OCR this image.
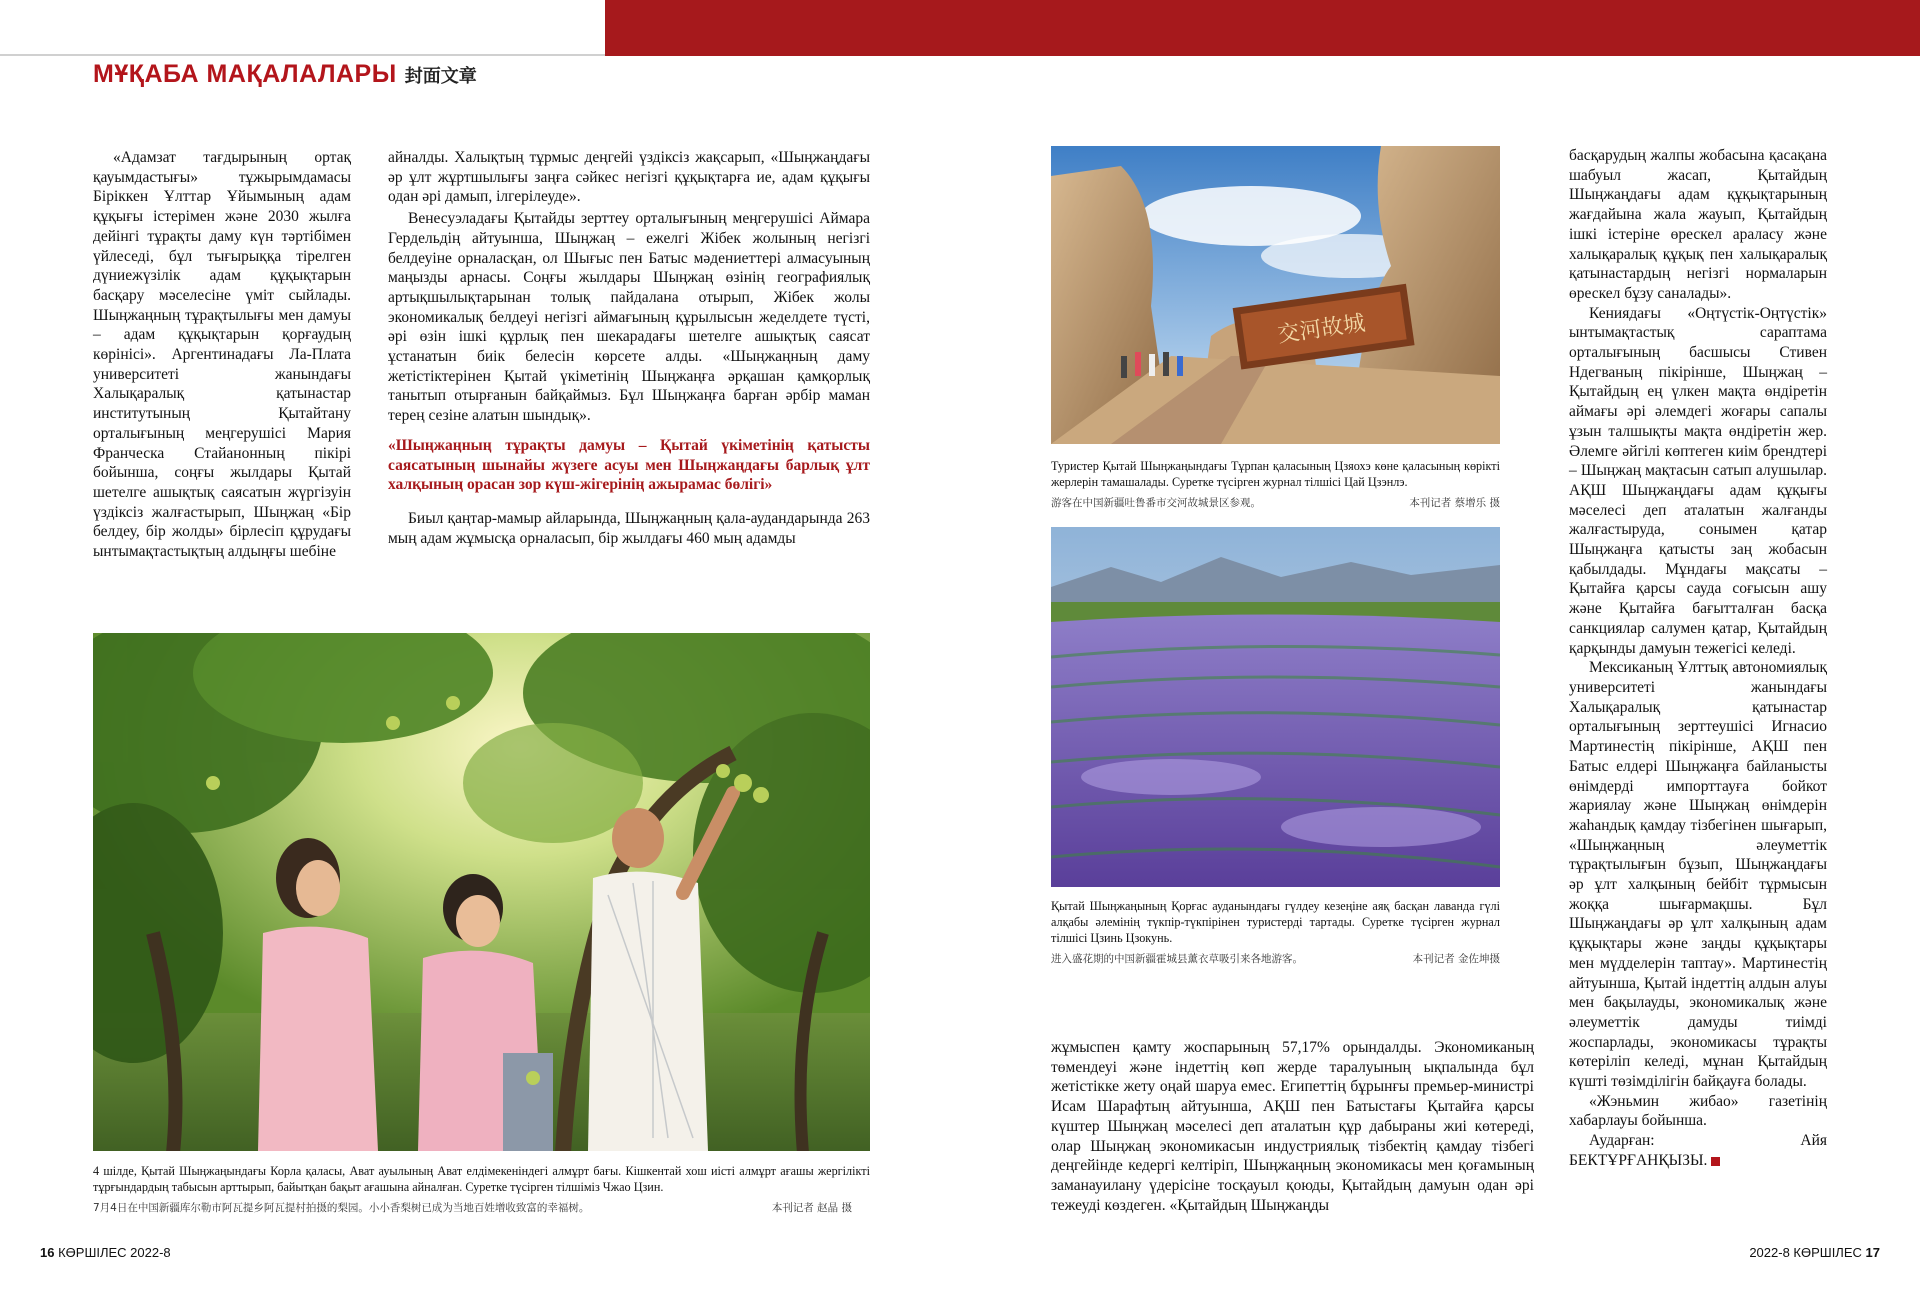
МҰҚАБА МАҚАЛАЛАРЫ 封面文章

«Адамзат тағдырының ортақ қауымдастығы» тұжырымдамасы Біріккен Ұлттар Ұйымының адам құқығы істерімен және 2030 жылға дейінгі тұрақты даму күн тәртібімен үйлеседі, бұл тығырыққа тірелген дүниежүзілік адам құқықтарын басқару мәселесіне үміт сыйлады. Шыңжаңның тұрақтылығы мен дамуы – адам құқықтарын қорғаудың көрінісі». Аргентинадағы Ла-Плата университеті жанындағы Халықаралық қатынастар институтының Қытайтану орталығының меңгерушісі Мария Франческа Стайанонның пікірі бойынша, соңғы жылдары Қытай шетелге ашықтық саясатын жүргізуін үздіксіз жалғастырып, Шыңжаң «Бір белдеу, бір жолды» бірлесіп құрудағы ынтымақтастықтың алдыңғы шебіне

айналды. Халықтың тұрмыс деңгейі үздіксіз жақсарып, «Шыңжаңдағы әр ұлт жұртшылығы заңға сәйкес негізгі құқықтарға ие, адам құқығы одан әрі дамып, ілгерілеуде».

Венесуэладағы Қытайды зерттеу орталығының меңгерушісі Аймара Гердельдің айтуынша, Шыңжаң – ежелгі Жібек жолының негізгі белдеуіне орналасқан, ол Шығыс пен Батыс мәдениеттері алмасуының маңызды арнасы. Соңғы жылдары Шыңжаң өзінің географиялық артықшылықтарынан толық пайдалана отырып, Жібек жолы экономикалық белдеуі негізгі аймағының құрылысын жеделдете түсті, әрі өзін ішкі құрлық пен шекарадағы шетелге ашықтық саясат ұстанатын биік белесін көрсете алды. «Шыңжаңның даму жетістіктерінен Қытай үкіметінің Шыңжаңға әрқашан қамқорлық танытып отырғанын байқаймыз. Бұл Шыңжаңға барған әрбір маман терең сезіне алатын шындық».

«Шыңжаңның тұрақты дамуы – Қытай үкіметінің қатысты саясатының шынайы жүзеге асуы мен Шыңжаңдағы барлық ұлт халқының орасан зор күш-жігерінің ажырамас бөлігі»

Биыл қаңтар-мамыр айларында, Шыңжаңның қала-аудандарында 263 мың адам жұмысқа орналасып, бір жылдағы 460 мың адамды

4 шілде, Қытай Шыңжаңындағы Корла қаласы, Ават ауылының Ават елдімекеніндегі алмұрт бағы. Кішкентай хош иісті алмұрт ағашы жергілікті тұрғындардың табысын арттырып, байытқан бақыт ағашына айналған. Суретке түсірген тілшіміз Чжао Цзин.
7月4日在中国新疆库尔勒市阿瓦提乡阿瓦提村拍摄的梨园。小小香梨树已成为当地百姓增收致富的幸福树。	本刊记者 赵晶 摄
交河故城
Туристер Қытай Шыңжаңындағы Тұрпан қаласының Цзяохэ көне қаласының көрікті жерлерін тамашалады. Суретке түсірген журнал тілшісі Цай Цзэнлэ.
游客在中国新疆吐鲁番市交河故城景区参观。	本刊记者 蔡增乐 摄
Қытай Шыңжаңының Қорғас ауданындағы гүлдеу кезеңіне аяқ басқан лаванда гүлі алқабы әлемінің түкпір-түкпірінен туристерді тартады. Суретке түсірген журнал тілшісі Цзинь Цзокунь.
进入盛花期的中国新疆霍城县薰衣草吸引来各地游客。	本刊记者 金佐坤摄

жұмыспен қамту жоспарының 57,17% орындалды. Экономиканың төмендеуі және індеттің көп жерде таралуының ықпалында бұл жетістікке жету оңай шаруа емес. Египеттің бұрынғы премьер-министрі Исам Шарафтың айтуынша, АҚШ пен Батыстағы Қытайға қарсы күштер Шыңжаң мәселесі деп аталатын құр дабыраны жиі көтереді, олар Шыңжаң экономикасын индустриялық тізбектің қамдау тізбегі деңгейінде кедергі келтіріп, Шыңжаңның экономикасы мен қоғамының заманауилану үдерісіне тосқауыл қоюды, Қытайдың дамуын одан әрі тежеуді көздеген. «Қытайдың Шыңжаңды

басқарудың жалпы жобасына қасақана шабуыл жасап, Қытайдың Шыңжаңдағы адам құқықтарының жағдайына жала жауып, Қытайдың ішкі істеріне өрескел араласу және халықаралық құқық пен халықаралық қатынастардың негізгі нормаларын өрескел бұзу саналады».

Кениядағы «Оңтүстік-Оңтүстік» ынтымақтастық сараптама орталығының басшысы Стивен Ндегваның пікірінше, Шыңжаң – Қытайдың ең үлкен мақта өндіретін аймағы әрі әлемдегі жоғары сапалы ұзын талшықты мақта өндіретін жер. Әлемге әйгілі көптеген киім брендтері – Шыңжаң мақтасын сатып алушылар. АҚШ Шыңжаңдағы адам құқығы мәселесі деп аталатын жалғанды жалғастыруда, сонымен қатар Шыңжаңға қатысты заң жобасын қабылдады. Мұндағы мақсаты – Қытайға қарсы сауда соғысын ашу және Қытайға бағытталған басқа санкциялар салумен қатар, Қытайдың қарқынды дамуын тежегісі келеді.

Мексиканың Ұлттық автономиялық университеті жанындағы Халықаралық қатынастар орталығының зерттеушісі Игнасио Мартинестің пікірінше, АҚШ пен Батыс елдері Шыңжаңға байланысты өнімдерді импорттауға бойкот жариялау және Шыңжаң өнімдерін жаһандық қамдау тізбегінен шығарып, «Шыңжаңның әлеуметтік тұрақтылығын бұзып, Шыңжаңдағы әр ұлт халқының бейбіт тұрмысын жоққа шығармақшы. Бұл Шыңжаңдағы әр ұлт халқының адам құқықтары және заңды құқықтары мен мүдделерін таптау». Мартинестің айтуынша, Қытай індеттің алдын алуы мен бақылауды, экономикалық және әлеуметтік дамуды тиімді жоспарлады, экономикасы тұрақты көтеріліп келеді, мұнан Қытайдың күшті төзімділігін байқауға болады.

«Жэньмин жибао» газетінің хабарлауы бойынша.

Аударған: Айя БЕКТҰРҒАНҚЫЗЫ.

16 КӨРШІЛЕС 2022-8	2022-8 КӨРШІЛЕС 17
